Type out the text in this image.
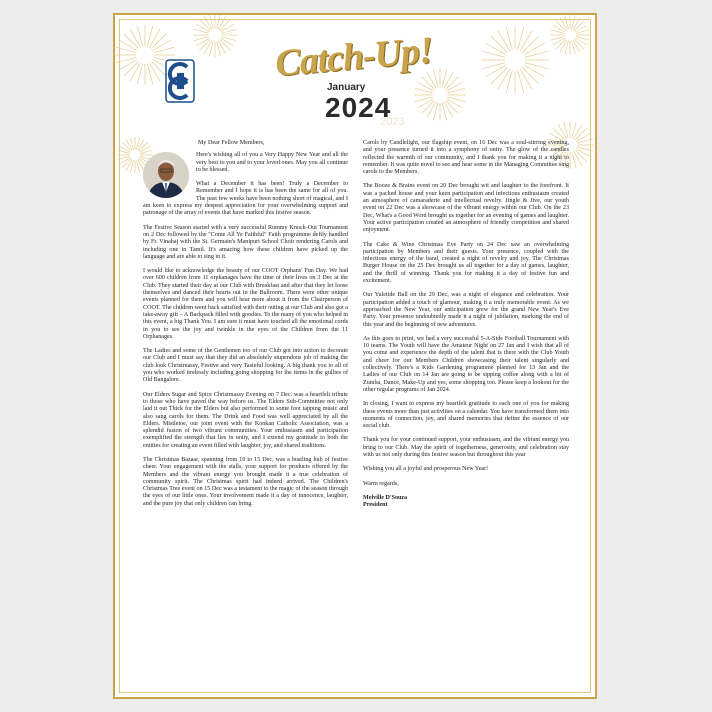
Catch-Up!
January
2024
2023

My Dear Fellow Members,

Here's wishing all of you a Very Happy New Year and all the very best to you and to your loved ones. May you all continue to be blessed.

What a December it has been! Truly a December to Remember and I hope it is has been the same for all of you. The past few weeks have been nothing short of magical, and I am keen to express my deepest appreciation for your overwhelming support and patronage of the array of events that have marked this festive season.

The Festive Season started with a very successful Rummy Knock-Out Tournament on 2 Dec followed by the "Come All Ye Faithful" Faith programme deftly handled by Fr. Vinahaj with the St. Germain's Manipuri School Choir rendering Carols and including one in Tamil. It's amazing how these children have picked up the language and are able to sing in it.

I would like to acknowledge the beauty of our COOT Orphans' Fun Day. We had over 600 children from 11 orphanages have the time of their lives on 3 Dec at the Club. They started their day at our Club with Breakfast and after that they let loose themselves and danced their hearts out in the Ballroom. There were other unique events planned for them and you will hear more about it from the Chairperson of COOT. The children went back satisfied with their outing at our Club and also got a take-away gift – A Backpack filled with goodies. To the many of you who helped in this event, a big Thank You. I am sure it must have touched all the emotional cords in you to see the joy and twinkle in the eyes of the Children from the 11 Orphanages.

The Ladies and some of the Gentlemen too of our Club got into action to decorate our Club and I must say that they did an absolutely stupendous job of making the club look Christmassy, Festive and very Tasteful looking. A big thank you to all of you who worked tirelessly including going shopping for the items in the gullies of Old Bangalore.

Our Elders Sugar and Spice Christmassy Evening on 7 Dec. was a heartfelt tribute to those who have paved the way before us. The Elders Sub-Committee not only laid it out Thick for the Elders but also performed to some foot tapping music and also sang carols for them. The Drink and Food was well appreciated by all the Elders. Mistletoe, our joint event with the Konkan Catholic Association, was a splendid fusion of two vibrant communities. Your enthusiasm and participation exemplified the strength that lies in unity, and I extend my gratitude to both the entities for creating an event filled with laughter, joy, and shared traditions.

The Christmas Bazaar, spanning from 10 to 15 Dec, was a bustling hub of festive cheer. Your engagement with the stalls, your support for products offered by the Members and the vibrant energy you brought made it a true celebration of community spirit. The Christmas spirit had indeed arrived. The Children's Christmas Tree event on 15 Dec was a testament to the magic of the season through the eyes of our little ones. Your involvement made it a day of innocence, laughter, and the pure joy that only children can bring.

Carols by Candlelight, our flagship event, on 16 Dec was a soul-stirring evening, and your presence turned it into a symphony of unity. The glow of the candles reflected the warmth of our community, and I thank you for making it a night to remember. It was quite novel to see and hear some in the Managing Committee sing carols to the Members.

The Booze & Brains event on 20 Dec brought wit and laughter to the forefront. It was a packed house and your keen participation and infectious enthusiasm created an atmosphere of camaraderie and intellectual revelry. Jingle & Jive, our youth event on 22 Dec was a showcase of the vibrant energy within our Club. On the 23 Dec, What's a Good Word brought us together for an evening of games and laughter. Your active participation created an atmosphere of friendly competition and shared enjoyment.

The Cake & Wine Christmas Eve Party on 24 Dec saw an overwhelming participation by Members and their guests. Your presence, coupled with the infectious energy of the band, created a night of revelry and joy. The Christmas Burger House on the 25 Dec brought us all together for a day of games, laughter, and the thrill of winning. Thank you for making it a day of festive fun and excitement.

Our Yuletide Ball on the 29 Dec, was a night of elegance and celebration. Your participation added a touch of glamour, making it a truly memorable event. As we approached the New Year, our anticipation grew for the grand New Year's Eve Party. Your presence undoubtedly made it a night of jubilation, marking the end of this year and the beginning of new adventures.

As this goes to print, we had a very successful 5-A-Side Football Tournament with 10 teams. The Youth will have the Amateur Night on 27 Jan and I wish that all of you come and experience the depth of the talent that is there with the Club Youth and cheer for our Members Children showcasing their talent singularly and collectively. There's a Kids Gardening programme planned for 13 Jan and the Ladies of our Club on 14 Jan are going to be sipping coffee along with a bit of Zumba, Dance, Make-Up and yes, some shopping too. Please keep a lookout for the other regular programs of Jan 2024.

In closing, I want to express my heartfelt gratitude to each one of you for making these events more than just activities on a calendar. You have transformed them into moments of connection, joy, and shared memories that define the essence of our social club.

Thank you for your continued support, your enthusiasm, and the vibrant energy you bring to our Club. May the spirit of togetherness, generosity, and celebration stay with us not only during this festive season but throughout this year

Wishing you all a joyful and prosperous New Year!

Warm regards,

Melville D'Souza

President
